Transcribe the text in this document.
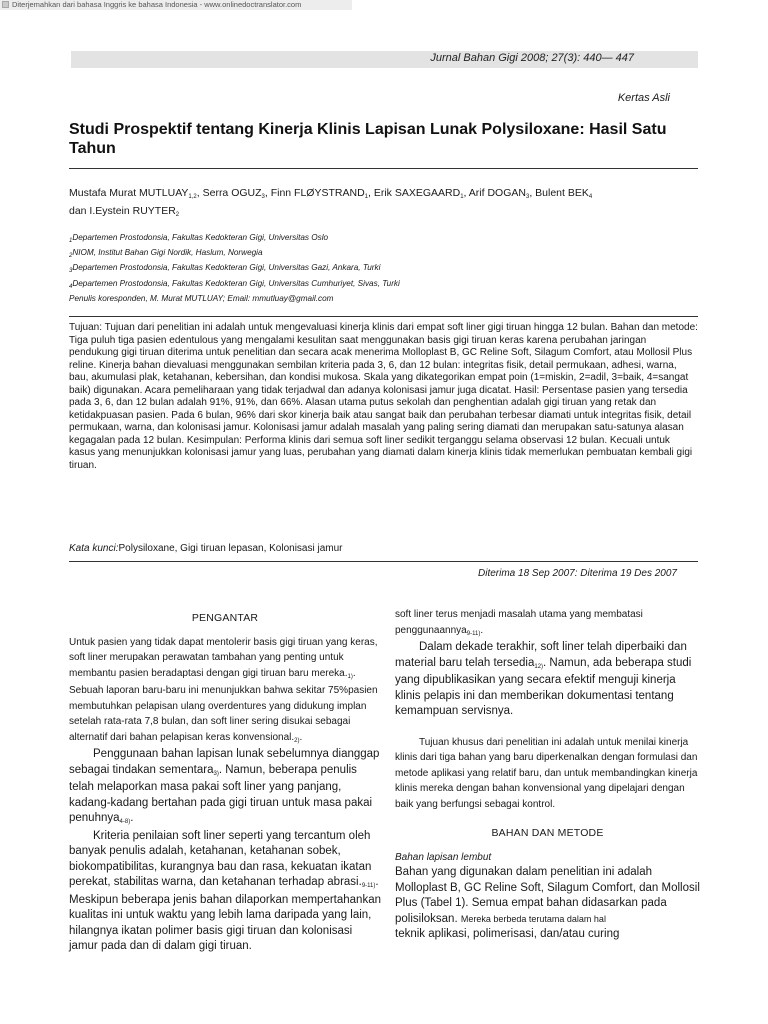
Diterjemahkan dari bahasa Inggris ke bahasa Indonesia - www.onlinedoctranslator.com
Jurnal Bahan Gigi 2008; 27(3): 440— 447
Kertas Asli
Studi Prospektif tentang Kinerja Klinis Lapisan Lunak Polysiloxane: Hasil Satu Tahun
Mustafa Murat MUTLUAY$^{1,2}$, Serra OGUZ$^3$, Finn FLØYSTRAND$^1$, Erik SAXEGAARD$^1$, Arif DOGAN$^3$, Bulent BEK$^4$
dan I.Eystein RUYTER$^2$
$^1$Departemen Prostodonsia, Fakultas Kedokteran Gigi, Universitas Oslo
$^2$NIOM, Institut Bahan Gigi Nordik, Haslum, Norwegia
$^3$Departemen Prostodonsia, Fakultas Kedokteran Gigi, Universitas Gazi, Ankara, Turki
$^4$Departemen Prostodonsia, Fakultas Kedokteran Gigi, Universitas Cumhuriyet, Sivas, Turki
Penulis koresponden, M. Murat MUTLUAY; Email: mmutluay@gmail.com
Tujuan: Tujuan dari penelitian ini adalah untuk mengevaluasi kinerja klinis dari empat soft liner gigi tiruan hingga 12 bulan. Bahan dan metode: Tiga puluh tiga pasien edentulous yang mengalami kesulitan saat menggunakan basis gigi tiruan keras karena perubahan jaringan pendukung gigi tiruan diterima untuk penelitian dan secara acak menerima Molloplast B, GC Reline Soft, Silagum Comfort, atau Mollosil Plus reline. Kinerja bahan dievaluasi menggunakan sembilan kriteria pada 3, 6, dan 12 bulan: integritas fisik, detail permukaan, adhesi, warna, bau, akumulasi plak, ketahanan, kebersihan, dan kondisi mukosa. Skala yang dikategorikan empat poin (1=miskin, 2=adil, 3=baik, 4=sangat baik) digunakan. Acara pemeliharaan yang tidak terjadwal dan adanya kolonisasi jamur juga dicatat. Hasil: Persentase pasien yang tersedia pada 3, 6, dan 12 bulan adalah 91%, 91%, dan 66%. Alasan utama putus sekolah dan penghentian adalah gigi tiruan yang retak dan ketidakpuasan pasien. Pada 6 bulan, 96% dari skor kinerja baik atau sangat baik dan perubahan terbesar diamati untuk integritas fisik, detail permukaan, warna, dan kolonisasi jamur. Kolonisasi jamur adalah masalah yang paling sering diamati dan merupakan satu-satunya alasan kegagalan pada 12 bulan. Kesimpulan: Performa klinis dari semua soft liner sedikit terganggu selama observasi 12 bulan. Kecuali untuk kasus yang menunjukkan kolonisasi jamur yang luas, perubahan yang diamati dalam kinerja klinis tidak memerlukan pembuatan kembali gigi tiruan.
Kata kunci:Polysiloxane, Gigi tiruan lepasan, Kolonisasi jamur
Diterima 18 Sep 2007: Diterima 19 Des 2007
PENGANTAR

Untuk pasien yang tidak dapat mentolerir basis gigi tiruan yang keras, soft liner merupakan perawatan tambahan yang penting untuk membantu pasien beradaptasi dengan gigi tiruan baru mereka.$^{1)}$. Sebuah laporan baru-baru ini menunjukkan bahwa sekitar 75%pasien membutuhkan pelapisan ulang overdentures yang didukung implan setelah rata-rata 7,8 bulan, dan soft liner sering disukai sebagai alternatif dari bahan pelapisan keras konvensional.$^{2)}$.

Penggunaan bahan lapisan lunak sebelumnya dianggap sebagai tindakan sementara$^{3)}$. Namun, beberapa penulis telah melaporkan masa pakai soft liner yang panjang, kadang-kadang bertahan pada gigi tiruan untuk masa pakai penuhnya$^{4-8)}$.

Kriteria penilaian soft liner seperti yang tercantum oleh banyak penulis adalah, ketahanan, ketahanan sobek, biokompatibilitas, kurangnya bau dan rasa, kekuatan ikatan perekat, stabilitas warna, dan ketahanan terhadap abrasi.$^{9-11)}$. Meskipun beberapa jenis bahan dilaporkan mempertahankan kualitas ini untuk waktu yang lebih lama daripada yang lain, hilangnya ikatan polimer basis gigi tiruan dan kolonisasi jamur pada dan di dalam gigi tiruan.

soft liner terus menjadi masalah utama yang membatasi penggunaannya$^{9-11)}$.

Dalam dekade terakhir, soft liner telah diperbaiki dan material baru telah tersedia$^{12)}$. Namun, ada beberapa studi yang dipublikasikan yang secara efektif menguji kinerja klinis pelapis ini dan memberikan dokumentasi tentang kemampuan servisnya.

Tujuan khusus dari penelitian ini adalah untuk menilai kinerja klinis dari tiga bahan yang baru diperkenalkan dengan formulasi dan metode aplikasi yang relatif baru, dan untuk membandingkan kinerja klinis mereka dengan bahan konvensional yang dipelajari dengan baik yang berfungsi sebagai kontrol.

BAHAN DAN METODE
Bahan lapisan lembut

Bahan yang digunakan dalam penelitian ini adalah Molloplast B, GC Reline Soft, Silagum Comfort, dan Mollosil Plus (Tabel 1). Semua empat bahan didasarkan pada polisiloksan. Mereka berbeda terutama dalam hal
teknik aplikasi, polimerisasi, dan/atau curing
